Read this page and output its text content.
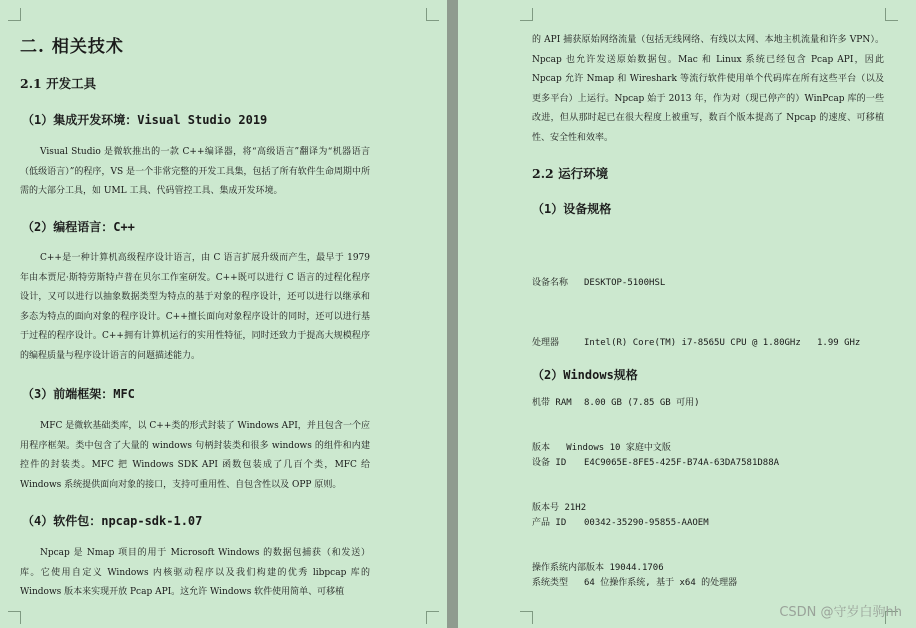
二. 相关技术
2.1 开发工具
（1）集成开发环境：Visual Studio 2019

Visual Studio 是微软推出的一款 C++编译器，将“高级语言”翻译为“机器语言（低级语言）”的程序，VS 是一个非常完整的开发工具集，包括了所有软件生命周期中所需的大部分工具，如 UML 工具、代码管控工具、集成开发环境。

（2）编程语言：C++

C++是一种计算机高级程序设计语言，由 C 语言扩展升级而产生，最早于 1979 年由本贾尼·斯特劳斯特卢普在贝尔工作室研发。C++既可以进行 C 语言的过程化程序设计，又可以进行以抽象数据类型为特点的基于对象的程序设计，还可以进行以继承和多态为特点的面向对象的程序设计。C++擅长面向对象程序设计的同时，还可以进行基于过程的程序设计。C++拥有计算机运行的实用性特征，同时还致力于提高大规模程序的编程质量与程序设计语言的问题描述能力。

（3）前端框架：MFC

MFC 是微软基础类库，以 C++类的形式封装了 Windows API，并且包含一个应用程序框架。类中包含了大量的 windows 句柄封装类和很多 windows 的组件和内建控件的封装类。MFC 把 Windows SDK API 函数包装成了几百个类，MFC 给 Windows 系统提供面向对象的接口，支持可重用性、自包含性以及 OPP 原则。

（4）软件包：npcap-sdk-1.07

Npcap 是 Nmap 项目的用于 Microsoft Windows 的数据包捕获（和发送）库。它使用自定义 Windows 内核驱动程序以及我们构建的优秀 libpcap 库的 Windows 版本来实现开放 Pcap API。这允许 Windows 软件使用简单、可移植

的 API 捕获原始网络流量（包括无线网络、有线以太网、本地主机流量和许多 VPN）。Npcap 也允许发送原始数据包。Mac 和 Linux 系统已经包含 Pcap API，因此 Npcap 允许 Nmap 和 Wireshark 等流行软件使用单个代码库在所有这些平台（以及更多平台）上运行。Npcap 始于 2013 年，作为对（现已停产的）WinPcap 库的一些改进，但从那时起已在很大程度上被重写，数百个版本提高了 Npcap 的速度、可移植性、安全性和效率。

2.2 运行环境
（1）设备规格

设备名称 DESKTOP-5100HSL

处理器	Intel(R) Core(TM) i7-8565U CPU @ 1.80GHz   1.99 GHz

机带 RAM 8.00 GB (7.85 GB 可用)

设备 ID E4C9065E-8FE5-425F-B74A-63DA7581D88A

产品 ID 00342-35290-95855-AAOEM

系统类型 64 位操作系统, 基于 x64 的处理器

（2）Windows规格

版本 Windows 10 家庭中文版

版本号 21H2

操作系统内部版本 19044.1706

CSDN @守岁白驹hh
